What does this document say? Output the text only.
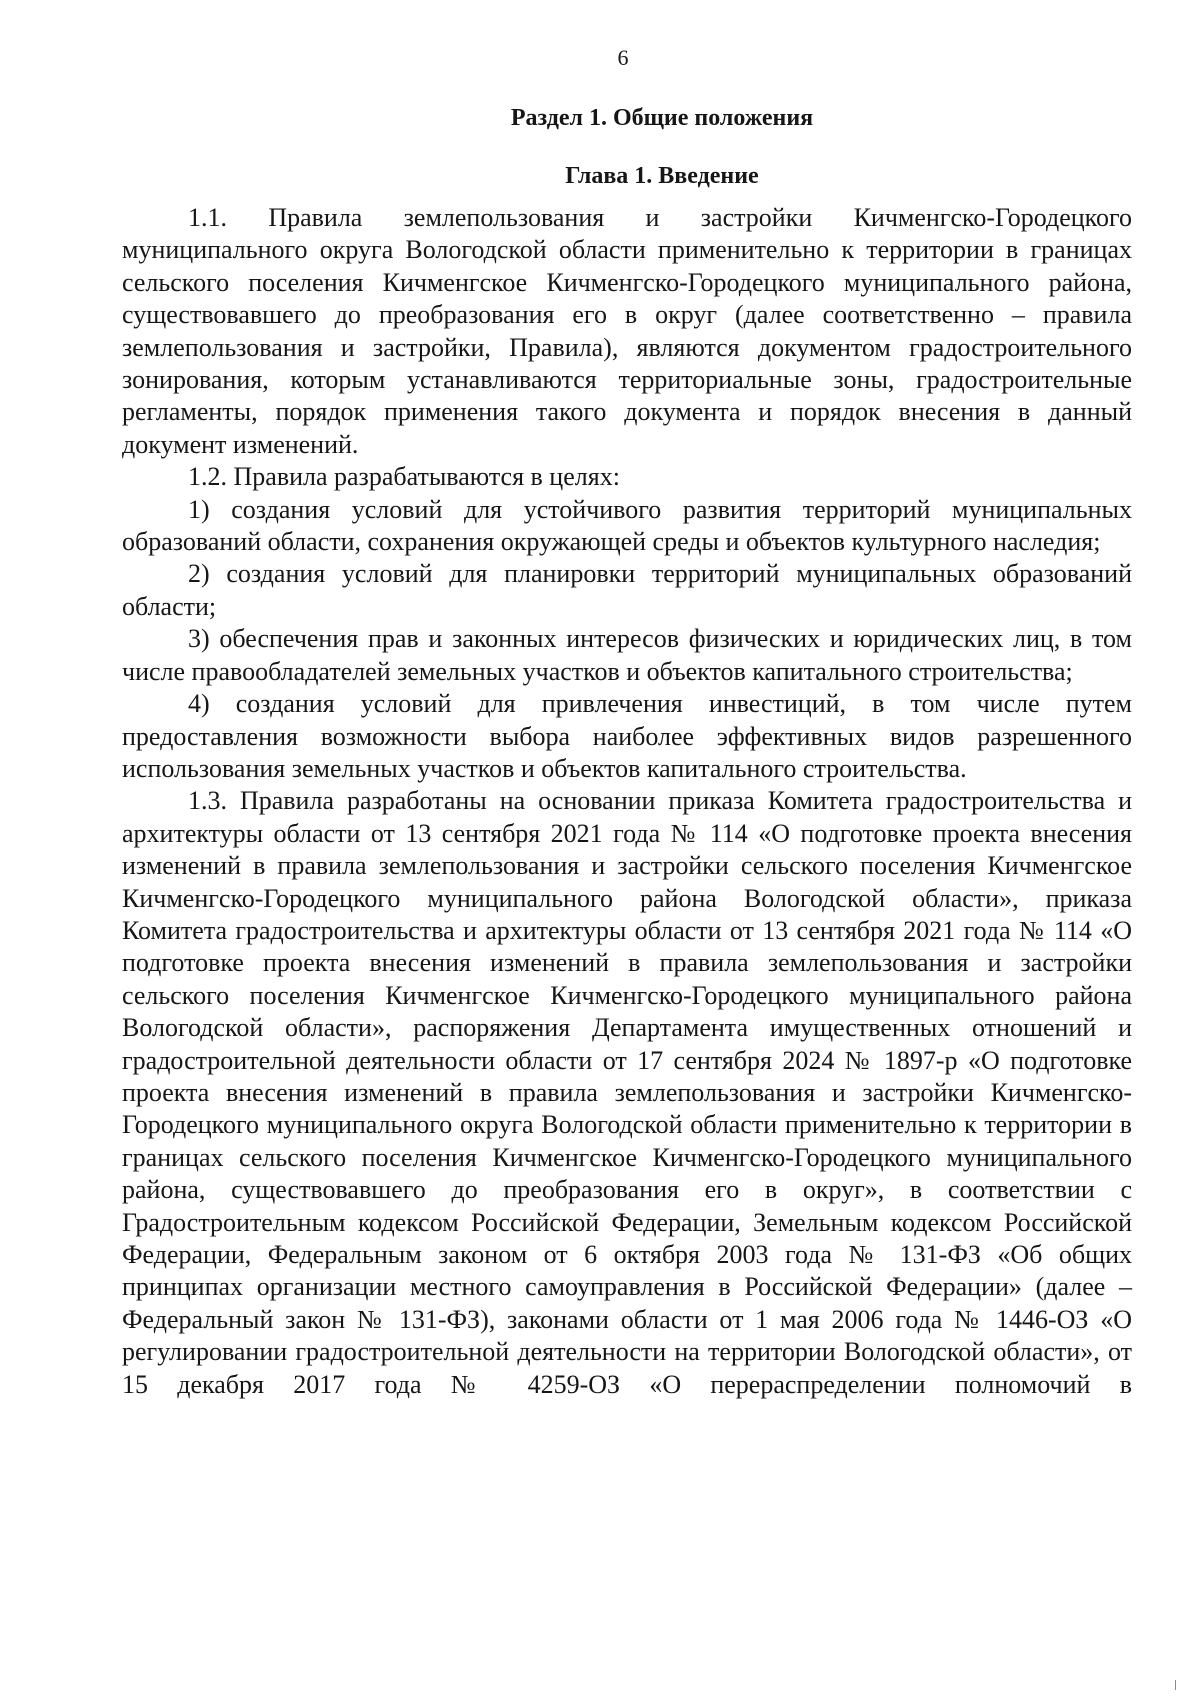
6
Раздел 1. Общие положения
Глава 1. Введение

1.1. Правила землепользования и застройки Кичменгско-Городецкого муниципального округа Вологодской области применительно к территории в границах сельского поселения Кичменгское Кичменгско-Городецкого муниципального района, существовавшего до преобразования его в округ (далее соответственно – правила землепользования и застройки, Правила), являются документом градостроительного зонирования, которым устанавливаются территориальные зоны, градостроительные регламенты, порядок применения такого документа и порядок внесения в данный документ изменений.

1.2. Правила разрабатываются в целях:

1) создания условий для устойчивого развития территорий муниципальных образований области, сохранения окружающей среды и объектов культурного наследия;

2) создания условий для планировки территорий муниципальных образований области;

3) обеспечения прав и законных интересов физических и юридических лиц, в том числе правообладателей земельных участков и объектов капитального строительства;

4) создания условий для привлечения инвестиций, в том числе путем предоставления возможности выбора наиболее эффективных видов разрешенного использования земельных участков и объектов капитального строительства.

1.3. Правила разработаны на основании приказа Комитета градостроительства и архитектуры области от 13 сентября 2021 года № 114 «О подготовке проекта внесения изменений в правила землепользования и застройки сельского поселения Кичменгское Кичменгско-Городецкого муниципального района Вологодской области», приказа Комитета градостроительства и архитектуры области от 13 сентября 2021 года № 114 «О подготовке проекта внесения изменений в правила землепользования и застройки сельского поселения Кичменгское Кичменгско-Городецкого муниципального района Вологодской области», распоряжения Департамента имущественных отношений и градостроительной деятельности области от 17 сентября 2024 № 1897-р «О подготовке проекта внесения изменений в правила землепользования и застройки Кичменгско-Городецкого муниципального округа Вологодской области применительно к территории в границах сельского поселения Кичменгское Кичменгско-Городецкого муниципального района, существовавшего до преобразования его в округ», в соответствии с Градостроительным кодексом Российской Федерации, Земельным кодексом Российской Федерации, Федеральным законом от 6 октября 2003 года № 131-ФЗ «Об общих принципах организации местного самоуправления в Российской Федерации» (далее – Федеральный закон № 131-ФЗ), законами области от 1 мая 2006 года № 1446-ОЗ «О регулировании градостроительной деятельности на территории Вологодской области», от 15 декабря 2017 года № 4259-ОЗ «О перераспределении полномочий в
